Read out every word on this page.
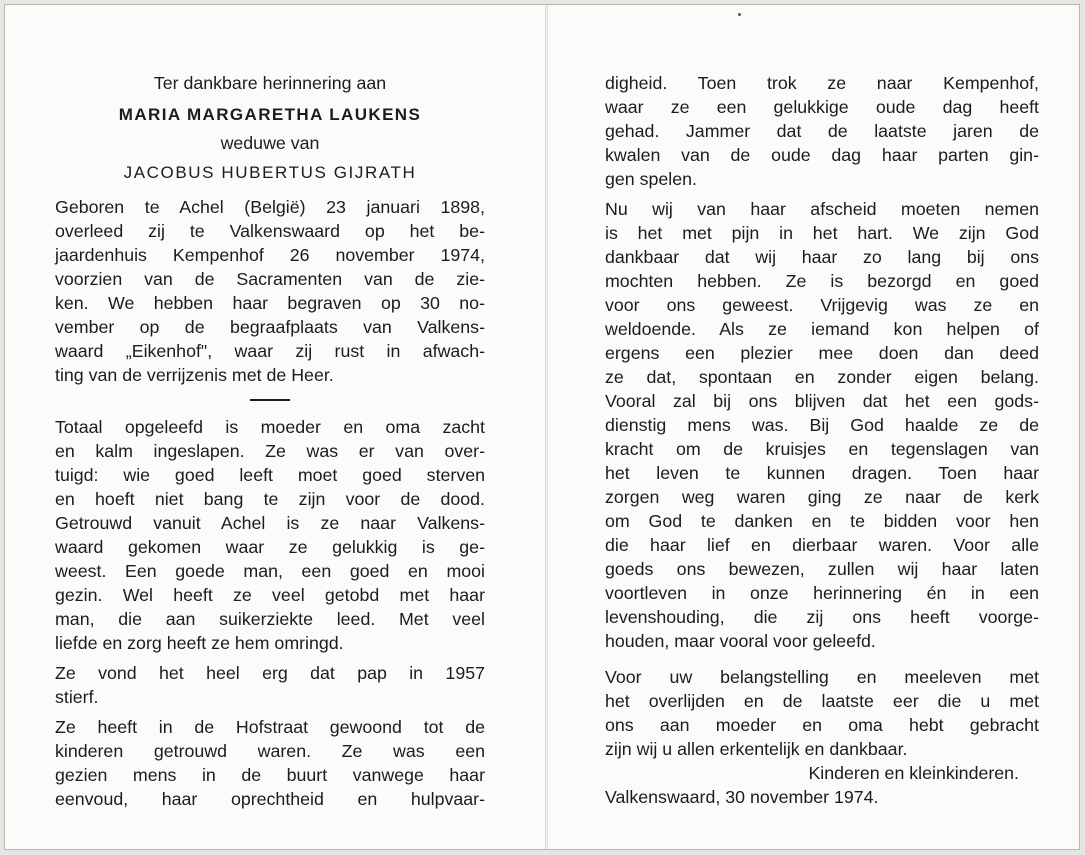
Ter dankbare herinnering aan
MARIA MARGARETHA LAUKENS
weduwe van
JACOBUS HUBERTUS GIJRATH
Geboren te Achel (België) 23 januari 1898,
overleed zij te Valkenswaard op het be-
jaardenhuis Kempenhof 26 november 1974,
voorzien van de Sacramenten van de zie-
ken. We hebben haar begraven op 30 no-
vember op de begraafplaats van Valkens-
waard „Eikenhof", waar zij rust in afwach-
ting van de verrijzenis met de Heer.
Totaal opgeleefd is moeder en oma zacht
en kalm ingeslapen. Ze was er van over-
tuigd: wie goed leeft moet goed sterven
en hoeft niet bang te zijn voor de dood.
Getrouwd vanuit Achel is ze naar Valkens-
waard gekomen waar ze gelukkig is ge-
weest. Een goede man, een goed en mooi
gezin. Wel heeft ze veel getobd met haar
man, die aan suikerziekte leed. Met veel
liefde en zorg heeft ze hem omringd.
Ze vond het heel erg dat pap in 1957
stierf.
Ze heeft in de Hofstraat gewoond tot de
kinderen getrouwd waren. Ze was een
gezien mens in de buurt vanwege haar
eenvoud, haar oprechtheid en hulpvaar-
digheid. Toen trok ze naar Kempenhof,
waar ze een gelukkige oude dag heeft
gehad. Jammer dat de laatste jaren de
kwalen van de oude dag haar parten gin-
gen spelen.
Nu wij van haar afscheid moeten nemen
is het met pijn in het hart. We zijn God
dankbaar dat wij haar zo lang bij ons
mochten hebben. Ze is bezorgd en goed
voor ons geweest. Vrijgevig was ze en
weldoende. Als ze iemand kon helpen of
ergens een plezier mee doen dan deed
ze dat, spontaan en zonder eigen belang.
Vooral zal bij ons blijven dat het een gods-
dienstig mens was. Bij God haalde ze de
kracht om de kruisjes en tegenslagen van
het leven te kunnen dragen. Toen haar
zorgen weg waren ging ze naar de kerk
om God te danken en te bidden voor hen
die haar lief en dierbaar waren. Voor alle
goeds ons bewezen, zullen wij haar laten
voortleven in onze herinnering én in een
levenshouding, die zij ons heeft voorge-
houden, maar vooral voor geleefd.
Voor uw belangstelling en meeleven met
het overlijden en de laatste eer die u met
ons aan moeder en oma hebt gebracht
zijn wij u allen erkentelijk en dankbaar.
Kinderen en kleinkinderen.
Valkenswaard, 30 november 1974.
